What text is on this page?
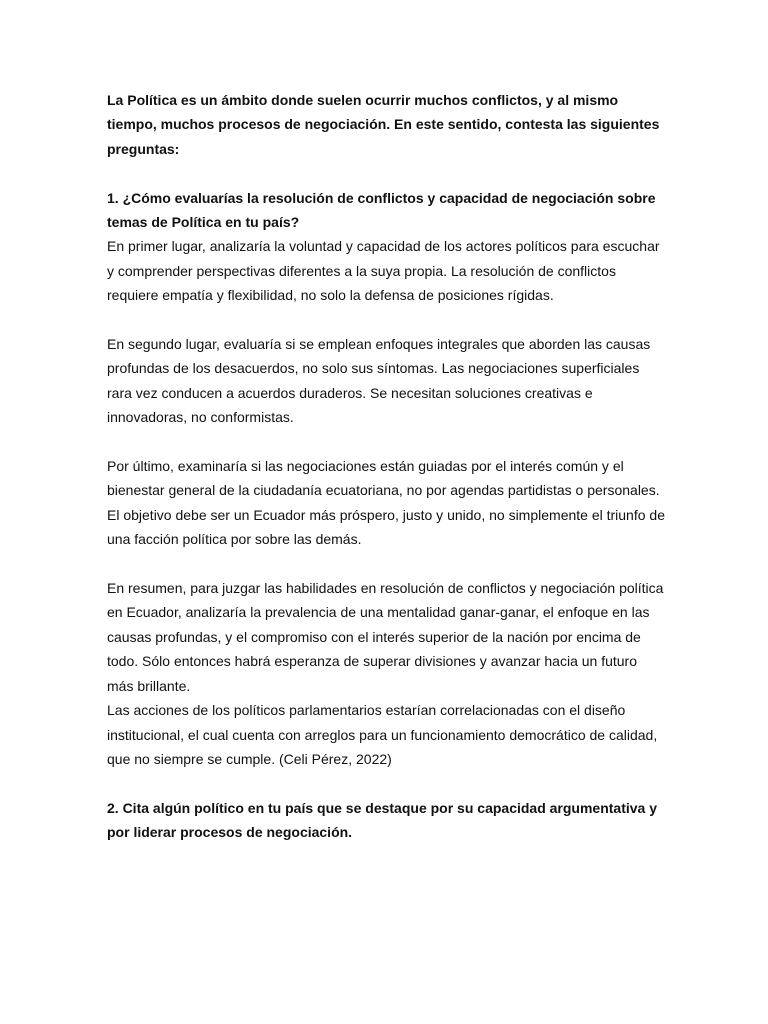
La Política es un ámbito donde suelen ocurrir muchos conflictos, y al mismo tiempo, muchos procesos de negociación. En este sentido, contesta las siguientes preguntas:

1. ¿Cómo evaluarías la resolución de conflictos y capacidad de negociación sobre temas de Política en tu país?

En primer lugar, analizaría la voluntad y capacidad de los actores políticos para escuchar y comprender perspectivas diferentes a la suya propia. La resolución de conflictos requiere empatía y flexibilidad, no solo la defensa de posiciones rígidas.

En segundo lugar, evaluaría si se emplean enfoques integrales que aborden las causas profundas de los desacuerdos, no solo sus síntomas. Las negociaciones superficiales rara vez conducen a acuerdos duraderos. Se necesitan soluciones creativas e innovadoras, no conformistas.

Por último, examinaría si las negociaciones están guiadas por el interés común y el bienestar general de la ciudadanía ecuatoriana, no por agendas partidistas o personales. El objetivo debe ser un Ecuador más próspero, justo y unido, no simplemente el triunfo de una facción política por sobre las demás.

En resumen, para juzgar las habilidades en resolución de conflictos y negociación política en Ecuador, analizaría la prevalencia de una mentalidad ganar-ganar, el enfoque en las causas profundas, y el compromiso con el interés superior de la nación por encima de todo. Sólo entonces habrá esperanza de superar divisiones y avanzar hacia un futuro más brillante.

Las acciones de los políticos parlamentarios estarían correlacionadas con el diseño institucional, el cual cuenta con arreglos para un funcionamiento democrático de calidad, que no siempre se cumple. (Celi Pérez, 2022)

2. Cita algún político en tu país que se destaque por su capacidad argumentativa y por liderar procesos de negociación.
